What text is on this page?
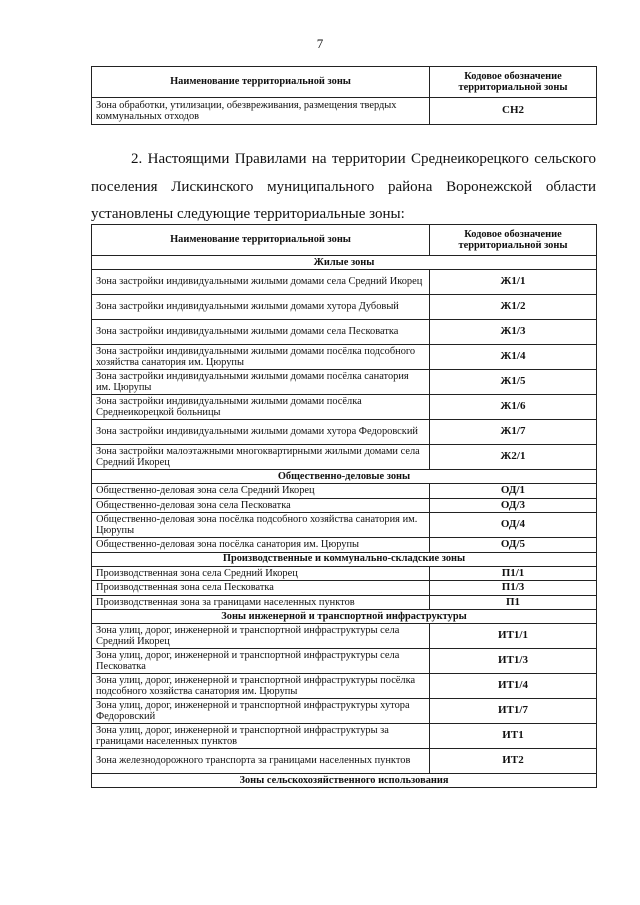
7
Наименование территориальной зоны	Кодовое обозначение территориальной зоны
Зона обработки, утилизации, обезвреживания, размещения твердых коммунальных отходов	СН2

2. Настоящими Правилами на территории Среднеикорецкого сельского поселения Лискинского муниципального района Воронежской области установлены следующие территориальные зоны:

Наименование территориальной зоны	Кодовое обозначение территориальной зоны
Жилые зоны	
Зона застройки индивидуальными жилыми домами села Средний Икорец	Ж1/1
Зона застройки индивидуальными жилыми домами хутора Дубовый	Ж1/2
Зона застройки индивидуальными жилыми домами села Песковатка	Ж1/3
Зона застройки индивидуальными жилыми домами посёлка подсобного хозяйства санатория им. Цюрупы	Ж1/4
Зона застройки индивидуальными жилыми домами посёлка санатория им. Цюрупы	Ж1/5
Зона застройки индивидуальными жилыми домами посёлка Среднеикорецкой больницы	Ж1/6
Зона застройки индивидуальными жилыми домами хутора Федоровский	Ж1/7
Зона застройки малоэтажными многоквартирными жилыми домами села Средний Икорец	Ж2/1
Общественно-деловые зоны	
Общественно-деловая зона села Средний Икорец	ОД/1
Общественно-деловая зона села Песковатка	ОД/3
Общественно-деловая зона посёлка подсобного хозяйства санатория им. Цюрупы	ОД/4
Общественно-деловая зона посёлка санатория им. Цюрупы	ОД/5
Производственные и коммунально-складские зоны	
Производственная зона села Средний Икорец	П1/1
Производственная зона села Песковатка	П1/3
Производственная зона за границами населенных пунктов	П1
Зоны инженерной и транспортной инфраструктуры	
Зона улиц, дорог, инженерной и транспортной инфраструктуры села Средний Икорец	ИТ1/1
Зона улиц, дорог, инженерной и транспортной инфраструктуры села Песковатка	ИТ1/3
Зона улиц, дорог, инженерной и транспортной инфраструктуры посёлка подсобного хозяйства санатория им. Цюрупы	ИТ1/4
Зона улиц, дорог, инженерной и транспортной инфраструктуры хутора Федоровский	ИТ1/7
Зона улиц, дорог, инженерной и транспортной инфраструктуры за границами населенных пунктов	ИТ1
Зона железнодорожного транспорта за границами населенных пунктов	ИТ2
Зоны сельскохозяйственного использования	
